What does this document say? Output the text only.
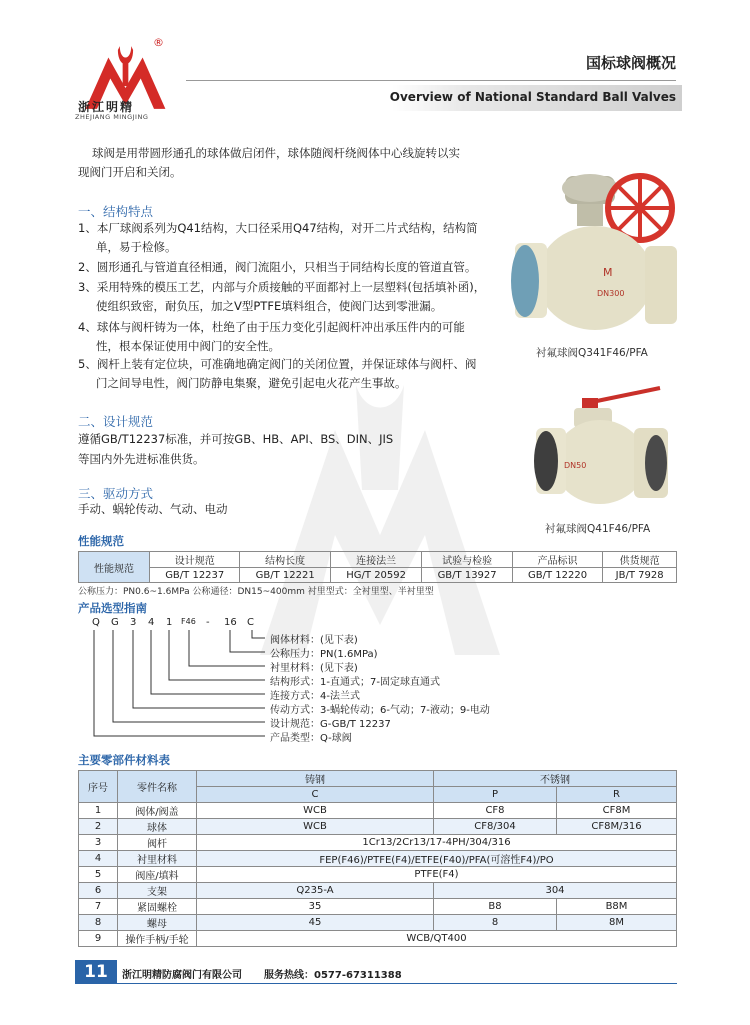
®
浙江明精
ZHEJIANG MINGJING
国标球阀概况
Overview of National Standard Ball Valves
球阀是用带圆形通孔的球体做启闭件，球体随阀杆绕阀体中心线旋转以实
现阀门开启和关闭。
一、结构特点
1、本厂球阀系列为Q41结构，大口径采用Q47结构，对开二片式结构，结构简
单，易于检修。
2、圆形通孔与管道直径相通，阀门流阻小，只相当于同结构长度的管道直管。
3、采用特殊的模压工艺，内部与介质接触的平面都衬上一层塑料(包括填补函)，
使组织致密，耐负压，加之V型PTFE填料组合，使阀门达到零泄漏。
4、球体与阀杆铸为一体，杜绝了由于压力变化引起阀杆冲出承压件内的可能
性，根本保证使用中阀门的安全性。
5、阀杆上装有定位块，可准确地确定阀门的关闭位置，并保证球体与阀杆、阀
门之间导电性，阀门防静电集聚，避免引起电火花产生事故。
二、设计规范
遵循GB/T12237标准，并可按GB、HB、API、BS、DIN、JIS
等国内外先进标准供货。
三、驱动方式
手动、蜗轮传动、气动、电动
DN300
M
衬氟球阀Q341F46/PFA
DN50
衬氟球阀Q41F46/PFA
性能规范
性能规范	设计规范	结构长度	连接法兰	试验与检验	产品标识	供货规范
	GB/T 12237	GB/T 12221	HG/T 20592	GB/T 13927	GB/T 12220	JB/T 7928
公称压力：PN0.6~1.6MPa 公称通径：DN15~400mm 衬里型式：全衬里型、半衬里型
产品选型指南
Q G 3 4 1 F46 - 16 C
阀体材料：(见下表)
公称压力：PN(1.6MPa)
衬里材料：(见下表)
结构形式：1-直通式；7-固定球直通式
连接方式：4-法兰式
传动方式：3-蜗轮传动；6-气动；7-液动；9-电动
设计规范：G-GB/T 12237
产品类型：Q-球阀
主要零部件材料表
序号	零件名称	铸钢	不锈钢	
		C	P	R
1	阀体/阀盖	WCB	CF8	CF8M
2	球体	WCB	CF8/304	CF8M/316
3	阀杆	1Cr13/2Cr13/17-4PH/304/316		
4	衬里材料	FEP(F46)/PTFE(F4)/ETFE(F40)/PFA(可溶性F4)/PO		
5	阀座/填料	PTFE(F4)		
6	支架	Q235-A	304	
7	紧固螺栓	35	B8	B8M
8	螺母	45	8	8M
9	操作手柄/手轮	WCB/QT400		
11	浙江明精防腐阀门有限公司 服务热线：0577-67311388
